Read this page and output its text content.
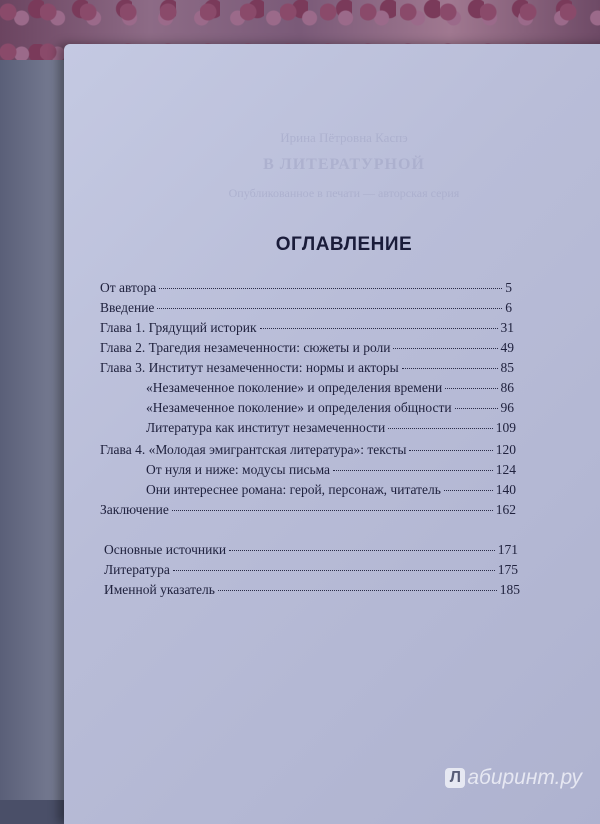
Ирина Пётровна Каспэ
В ЛИТЕРАТУРНОЙ
Опубликованное в печати — авторская серия
ОГЛАВЛЕНИЕ
От автора	5
Введение	6
Глава 1. Грядущий историк	31
Глава 2. Трагедия незамеченности: сюжеты и роли	49
Глава 3. Институт незамеченности: нормы и акторы	85
«Незамеченное поколение» и определения времени	86
«Незамеченное поколение» и определения общности	96
Литература как институт незамеченности	109
Глава 4. «Молодая эмигрантская литература»: тексты	120
От нуля и ниже: модусы письма	124
Они интереснее романа: герой, персонаж, читатель	140
Заключение	162
Основные источники	171
Литература	175
Именной указатель	185
Л абиринт.ру
